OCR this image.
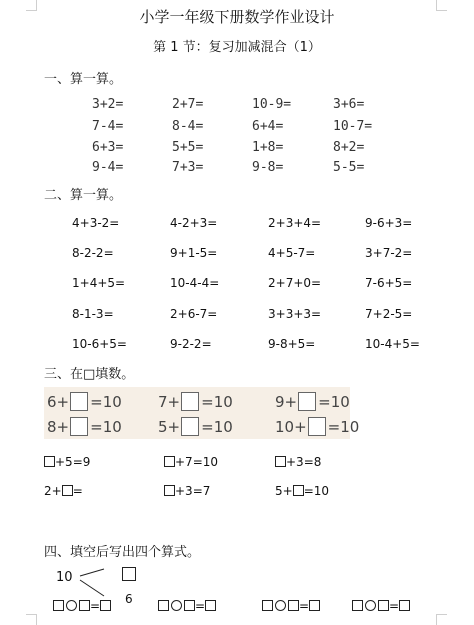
小学一年级下册数学作业设计
第 1 节：复习加减混合（1）
一、算一算。
3+2=	2+7=	10-9=	3+6=
7-4=	8-4=	6+4=	10-7=
6+3=	5+5=	1+8=	8+2=
9-4=	7+3=	9-8=	5-5=
二、算一算。
4+3-2=	4-2+3=	2+3+4=	9-6+3=
8-2-2=	9+1-5=	4+5-7=	3+7-2=
1+4+5=	10-4-4=	2+7+0=	7-6+5=
8-1-3=	2+6-7=	3+3+3=	7+2-5=
10-6+5=	9-2-2=	9-8+5=	10-4+5=
三、在□填数。
6+ =10 7+ =10	9+ =10
8+ =10 5+ =10	10+ =10
+5=9	+7=10	+3=8
2+ =	+3=7	5+ =10
四、填空后写出四个算式。
10
6
=	=	=	=
